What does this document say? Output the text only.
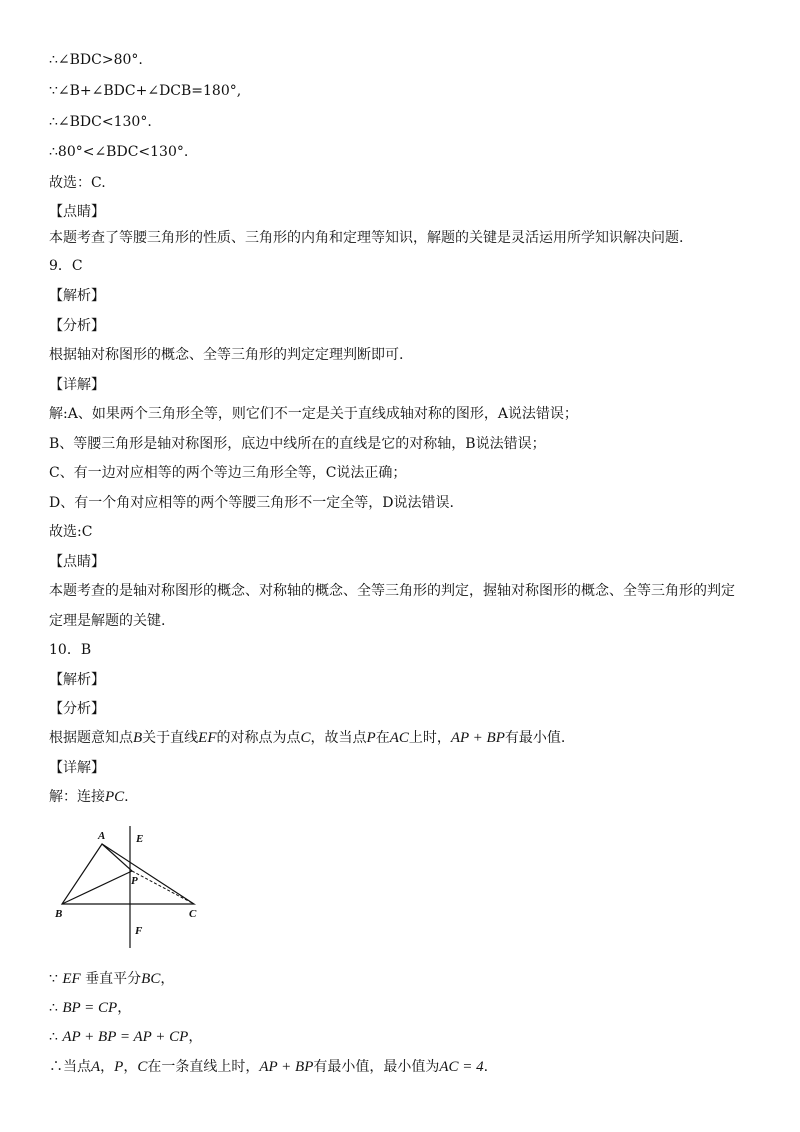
∴∠BDC>80°.
∵∠B+∠BDC+∠DCB=180°,
∴∠BDC<130°.
∴80°<∠BDC<130°.
故选：C.
【点睛】
本题考查了等腰三角形的性质、三角形的内角和定理等知识，解题的关键是灵活运用所学知识解决问题.
9．C
【解析】
【分析】
根据轴对称图形的概念、全等三角形的判定定理判断即可.
【详解】
解:A、如果两个三角形全等，则它们不一定是关于直线成轴对称的图形，A说法错误；
B、等腰三角形是轴对称图形，底边中线所在的直线是它的对称轴，B说法错误；
C、有一边对应相等的两个等边三角形全等，C说法正确；
D、有一个角对应相等的两个等腰三角形不一定全等，D说法错误.
故选:C
【点睛】
本题考查的是轴对称图形的概念、对称轴的概念、全等三角形的判定，握轴对称图形的概念、全等三角形的判定
定理是解题的关键.
10．B
【解析】
【分析】
根据题意知点B关于直线EF的对称点为点C，故当点P在AC上时，AP + BP有最小值.
【详解】
解：连接PC.
A	E
P
B	C
F
∵ EF 垂直平分BC，
∴ BP = CP，
∴ AP + BP = AP + CP，
∴当点A，P，C在一条直线上时，AP + BP有最小值，最小值为AC = 4.
